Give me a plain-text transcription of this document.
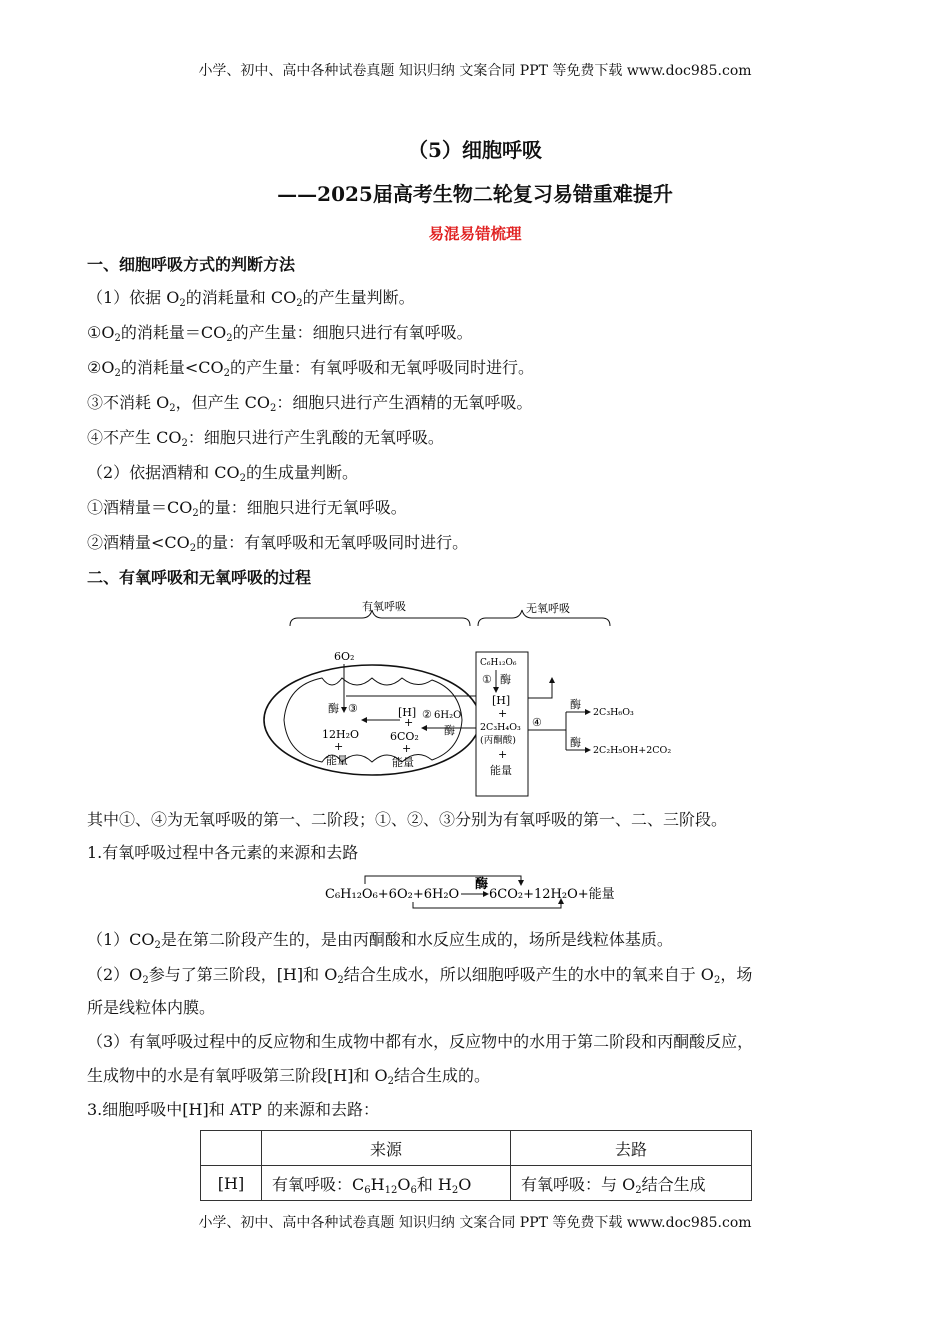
小学、初中、高中各种试卷真题 知识归纳 文案合同 PPT 等免费下载 www.doc985.com
（5）细胞呼吸
——2025届高考生物二轮复习易错重难提升
易混易错梳理
一、细胞呼吸方式的判断方法
（1）依据 $O_2$的消耗量和 $CO_2$的产生量判断。
$①O_2$的消耗量$=CO_2$的产生量：细胞只进行有氧呼吸。
$②O_2$的消耗量$<CO_2$的产生量：有氧呼吸和无氧呼吸同时进行。
③不消耗 $O_2$，但产生 $CO_2$：细胞只进行产生酒精的无氧呼吸。
④不产生 $CO_2$：细胞只进行产生乳酸的无氧呼吸。
（2）依据酒精和 $CO_2$的生成量判断。
①酒精量$=CO_2$的量：细胞只进行无氧呼吸。
②酒精量$<CO_2$的量：有氧呼吸和无氧呼吸同时进行。
二、有氧呼吸和无氧呼吸的过程
有氧呼吸	无氧呼吸
C₆H₁₂O₆
① 酶
[H]
+
2C₃H₄O₃
(丙酮酸)
+
能量
6O₂
酶 ③	[H]
+
② 6H₂O
酶
12H₂O
+
能量
6CO₂
+
能量
④
酶
酶
2C₃H₆O₃
2C₂H₅OH+2CO₂
其中①、④为无氧呼吸的第一、二阶段；①、②、③分别为有氧呼吸的第一、二、三阶段。
1.有氧呼吸过程中各元素的来源和去路
C₆H₁₂O₆+6O₂+6H₂O
酶
6CO₂+12H₂O+能量
$(1)CO_2$是在第二阶段产生的，是由丙酮酸和水反应生成的，场所是线粒体基质。
$(2)O_2$参与了第三阶段，[H]和 $O_2$结合生成水，所以细胞呼吸产生的水中的氧来自于 $O_2$，场
所是线粒体内膜。
（3）有氧呼吸过程中的反应物和生成物中都有水，反应物中的水用于第二阶段和丙酮酸反应，
生成物中的水是有氧呼吸第三阶段[H]和 $O_2$结合生成的。
3.细胞呼吸中[H]和 ATP 的来源和去路：
	来源	去路
[H]	有氧呼吸：$C_6H_{12}O_6$和 $H_2O$	有氧呼吸：与 $O_2$结合生成
小学、初中、高中各种试卷真题 知识归纳 文案合同 PPT 等免费下载 www.doc985.com
